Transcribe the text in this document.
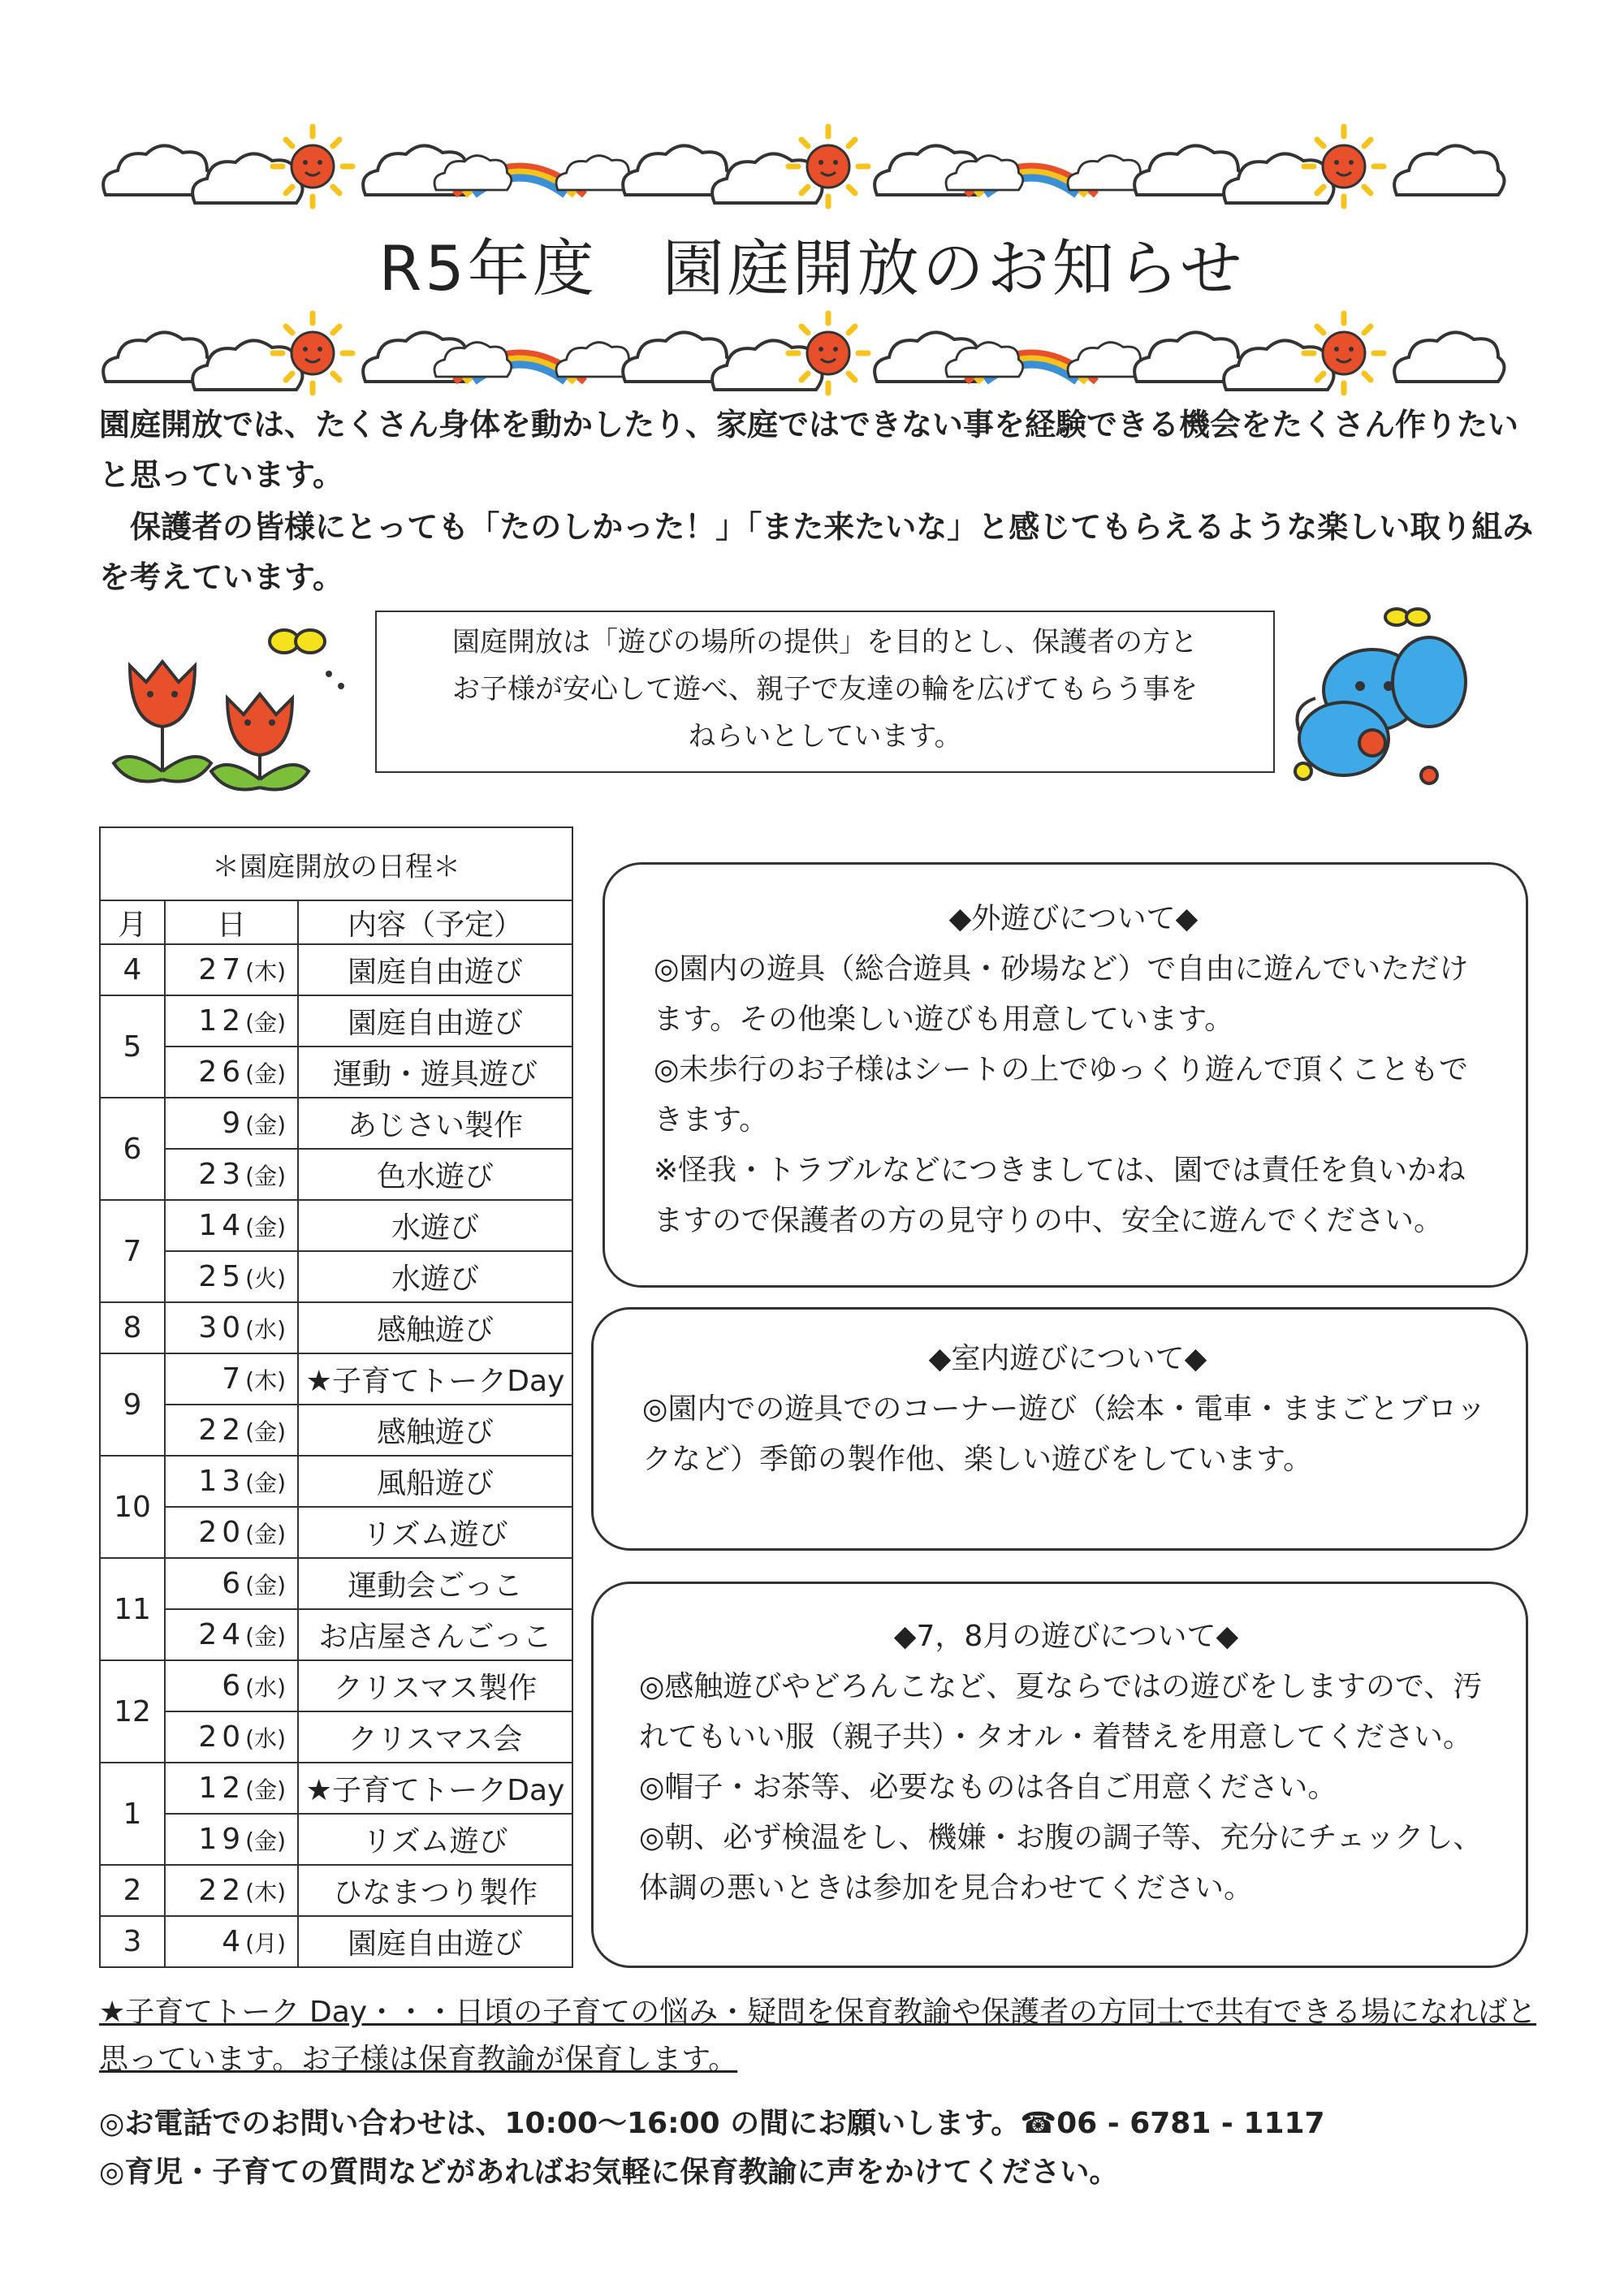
R5年度　園庭開放のお知らせ
園庭開放では、たくさん身体を動かしたり、家庭ではできない事を経験できる機会をたくさん作りたいと思っています。
保護者の皆様にとっても「たのしかった！」「また来たいな」と感じてもらえるような楽しい取り組みを考えています。
園庭開放は「遊びの場所の提供」を目的とし、保護者の方と
お子様が安心して遊べ、親子で友達の輪を広げてもらう事を
ねらいとしています。
＊園庭開放の日程＊		
月	日	内容（予定）
4	27(木)	園庭自由遊び
5	12(金)	園庭自由遊び
	26(金)	運動・遊具遊び
6	9(金)	あじさい製作
	23(金)	色水遊び
7	14(金)	水遊び
	25(火)	水遊び
8	30(水)	感触遊び
9	7(木)	★子育てトークDay
	22(金)	感触遊び
10	13(金)	風船遊び
	20(金)	リズム遊び
11	6(金)	運動会ごっこ
	24(金)	お店屋さんごっこ
12	6(水)	クリスマス製作
	20(水)	クリスマス会
1	12(金)	★子育てトークDay
	19(金)	リズム遊び
2	22(木)	ひなまつり製作
3	4(月)	園庭自由遊び
◆外遊びについて◆

◎園内の遊具（総合遊具・砂場など）で自由に遊んでいただけます。その他楽しい遊びも用意しています。

◎未歩行のお子様はシートの上でゆっくり遊んで頂くこともできます。

※怪我・トラブルなどにつきましては、園では責任を負いかねますので保護者の方の見守りの中、安全に遊んでください。

◆室内遊びについて◆

◎園内での遊具でのコーナー遊び（絵本・電車・ままごとブロックなど）季節の製作他、楽しい遊びをしています。

◆7，8月の遊びについて◆

◎感触遊びやどろんこなど、夏ならではの遊びをしますので、汚れてもいい服（親子共）・タオル・着替えを用意してください。

◎帽子・お茶等、必要なものは各自ご用意ください。

◎朝、必ず検温をし、機嫌・お腹の調子等、充分にチェックし、体調の悪いときは参加を見合わせてください。

★子育てトーク Day・・・日頃の子育ての悩み・疑問を保育教諭や保護者の方同士で共有できる場になればと思っています。お子様は保育教諭が保育します。
◎お電話でのお問い合わせは、10:00～16:00 の間にお願いします。☎06 - 6781 - 1117
◎育児・子育ての質問などがあればお気軽に保育教諭に声をかけてください。
